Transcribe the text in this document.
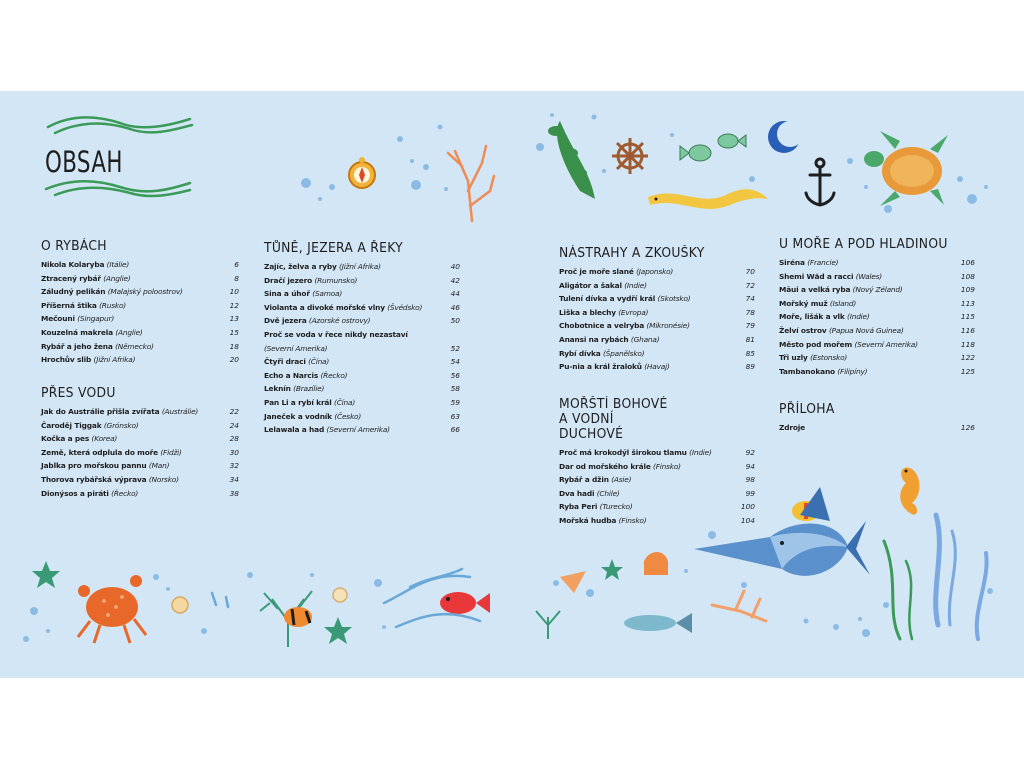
OBSAH
O RYBÁCH
Nikola Kolaryba (Itálie)	6
Ztracený rybář (Anglie)	8
Záludný pelikán (Malajský poloostrov)	10
Příšerná štika (Rusko)	12
Mečouni (Singapur)	13
Kouzelná makrela (Anglie)	15
Rybář a jeho žena (Německo)	18
Hrochův slib (Jižní Afrika)	20
PŘES VODU
Jak do Austrálie přišla zvířata (Austrálie)	22
Čaroděj Tiggak (Grónsko)	24
Kočka a pes (Korea)	28
Země, která odplula do moře (Fidži)	30
Jablka pro mořskou pannu (Man)	32
Thorova rybářská výprava (Norsko)	34
Dionýsos a piráti (Řecko)	38
TŮNĚ, JEZERA A ŘEKY
Zajíc, želva a ryby (Jižní Afrika)	40
Dračí jezero (Rumunsko)	42
Sina a úhoř (Samoa)	44
Violanta a divoké mořské vlny (Švédsko)	46
Dvě jezera (Azorské ostrovy)	50
Proč se voda v řece nikdy nezastaví
(Severní Amerika)	52
Čtyři draci (Čína)	54
Echo a Narcis (Řecko)	56
Leknín (Brazílie)	58
Pan Li a rybí král (Čína)	59
Janeček a vodník (Česko)	63
Lelawala a had (Severní Amerika)	66
NÁSTRAHY A ZKOUŠKY
Proč je moře slané (Japonsko)	70
Aligátor a šakal (Indie)	72
Tulení dívka a vydří král (Skotsko)	74
Liška a blechy (Evropa)	78
Chobotnice a velryba (Mikronésie)	79
Anansi na rybách (Ghana)	81
Rybí dívka (Španělsko)	85
Pu-nia a král žraloků (Havaj)	89
MOŘŠTÍ BOHOVÉ A VODNÍ DUCHOVÉ
Proč má krokodýl širokou tlamu (Indie)	92
Dar od mořského krále (Finsko)	94
Rybář a džin (Asie)	98
Dva hadi (Chile)	99
Ryba Peri (Turecko)	100
Mořská hudba (Finsko)	104
U MOŘE A POD HLADINOU
Siréna (Francie)	106
Shemi Wăd a racci (Wales)	108
Māui a velká ryba (Nový Zéland)	109
Mořský muž (Island)	113
Moře, lišák a vlk (Indie)	115
Želví ostrov (Papua Nová Guinea)	116
Město pod mořem (Severní Amerika)	118
Tři uzly (Estonsko)	122
Tambanokano (Filipíny)	125
PŘÍLOHA
Zdroje	126
